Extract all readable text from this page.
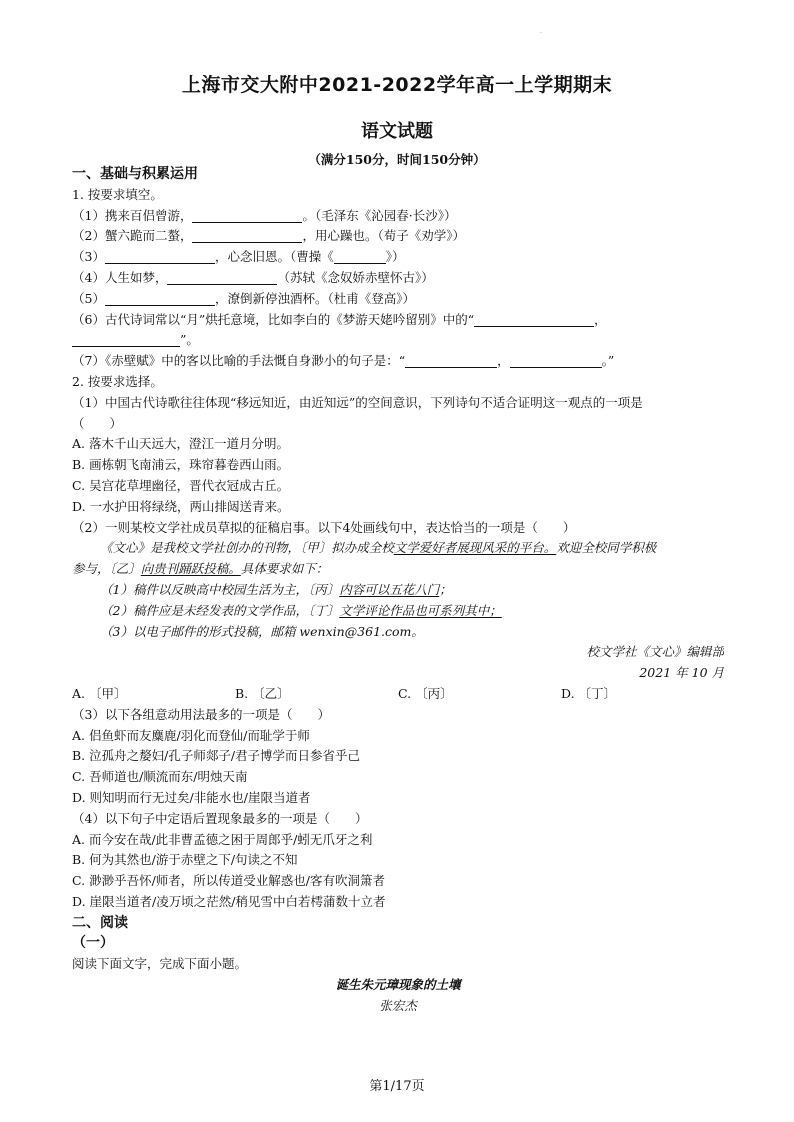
·
上海市交大附中2021-2022学年高一上学期期末
语文试题
（满分150分，时间150分钟）
一、基础与积累运用
1. 按要求填空。
（1）携来百侣曾游，	。（毛泽东《沁园春·长沙》）
（2）蟹六跪而二螯，	，用心躁也。（荀子《劝学》）
（3）	，心念旧恩。（曹操《	》）
（4）人生如梦，	（苏轼《念奴娇赤壁怀古》）
（5）	，潦倒新停浊酒杯。（杜甫《登高》）
（6）古代诗词常以“月”烘托意境，比如李白的《梦游天姥吟留别》中的“	，
”。
（7）《赤壁赋》中的客以比喻的手法慨自身渺小的句子是：“	，	。”
2. 按要求选择。
（1）中国古代诗歌往往体现“移远知近，由近知远”的空间意识，下列诗句不适合证明这一观点的一项是
（　　）
A. 落木千山天远大，澄江一道月分明。
B. 画栋朝飞南浦云，珠帘暮卷西山雨。
C. 吴宫花草埋幽径，晋代衣冠成古丘。
D. 一水护田将绿绕，两山排闼送青来。
（2）一则某校文学社成员草拟的征稿启事。以下4处画线句中，表达恰当的一项是（　　）
《文心》是我校文学社创办的刊物，〔甲〕拟办成全校文学爱好者展现风采的平台。欢迎全校同学积极
参与，〔乙〕向贵刊踊跃投稿。具体要求如下：
（1）稿件以反映高中校园生活为主，〔丙〕内容可以五花八门；
（2）稿件应是未经发表的文学作品，〔丁〕文学评论作品也可系列其中；
（3）以电子邮件的形式投稿，邮箱 wenxin@361.com。
校文学社《文心》编辑部
2021 年 10 月
A. 〔甲〕	B. 〔乙〕	C. 〔丙〕	D. 〔丁〕
（3）以下各组意动用法最多的一项是（　　）
A. 侣鱼虾而友麋鹿/羽化而登仙/而耻学于师
B. 泣孤舟之嫠妇/孔子师郯子/君子博学而日参省乎己
C. 吾师道也/顺流而东/明烛天南
D. 则知明而行无过矣/非能水也/崖限当道者
（4）以下句子中定语后置现象最多的一项是（　　）
A. 而今安在哉/此非曹孟德之困于周郎乎/蚓无爪牙之利
B. 何为其然也/游于赤壁之下/句读之不知
C. 渺渺乎吾怀/师者，所以传道受业解惑也/客有吹洞箫者
D. 崖限当道者/凌万顷之茫然/稍见雪中白若樗蒲数十立者
二、阅读
（一）
阅读下面文字，完成下面小题。
诞生朱元璋现象的土壤
张宏杰
第1/17页
